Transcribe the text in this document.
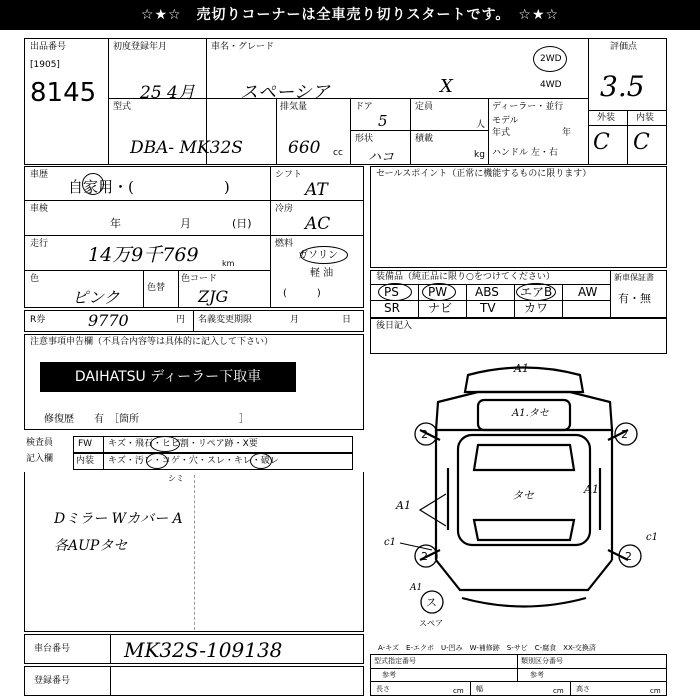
☆★☆　売切りコーナーは全車売り切りスタートです。　☆★☆
出品番号
[1905]
8145
初度登録年月
25 4月
車名・グレード
スペーシア	X
2WD
4WD
評価点
3.5
外装 内装
C C
型式
DBA- MK32S
排気量
660 cc
ドア
5
形状
ハコ
定員
人
積載
kg
ディーラー・並行
モデル
年式	年
ハンドル 左・右
車歴
自家用・(　　　　　　)
車検
年	月	(日)
走行 14万9千769	km
色
ピンク	色替
色コード
ZJG
シフト
AT
冷房
AC
燃料
ガソリン
軽 油
(　　　)
セールスポイント（正常に機能するものに限ります）
装備品（純正品に限り○をつけてください）
PS PW ABS エアB AW
SR ナビ TV カワ
新車保証書
有・無
後日記入
R券	9770	円 名義変更期限	月	日
注意事項申告欄（不具合内容等は具体的に記入して下さい）
DAIHATSU ディーラー下取車
修復歴　　有　［箇所　　　　　　　　　　］
検査員
記入欄
FW キズ・飛石・ヒビ割・リペア跡・X要
内装 キズ・汚レ・コゲ・穴・スレ・キレ・破レ
シミ
Dミラー Wカバー A
各AUPタセ
2	2
2	2
ス
A1
A1.タセ
タセ	A1
A1
c1	c1
A1
スペア
車台番号	MK32S-109138
登録番号
A-キズ　E-エクボ　U-凹み　W-補修跡　S-サビ　C-腐食　XX-交換済
型式指定番号	類別区分番号
参考	参考
長さ	cm 幅	cm 高さ	cm
